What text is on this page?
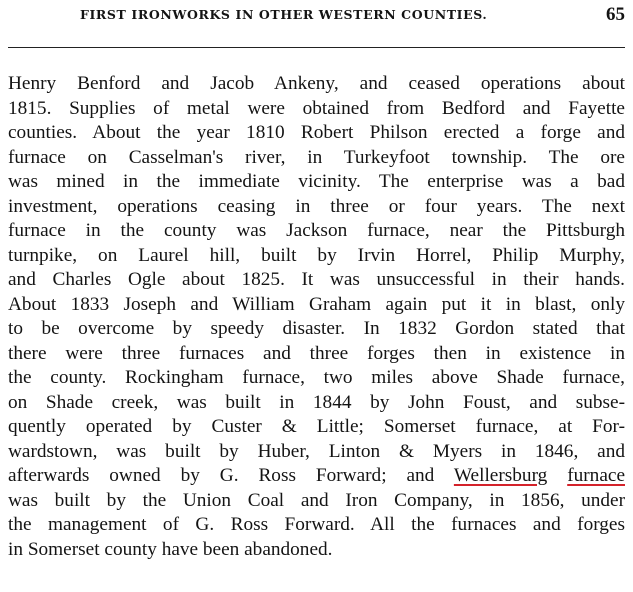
FIRST IRONWORKS IN OTHER WESTERN COUNTIES.	65
Henry Benford and Jacob Ankeny, and ceased operations about
1815. Supplies of metal were obtained from Bedford and Fayette
counties. About the year 1810 Robert Philson erected a forge and
furnace on Casselman's river, in Turkeyfoot township. The ore
was mined in the immediate vicinity. The enterprise was a bad
investment, operations ceasing in three or four years. The next
furnace in the county was Jackson furnace, near the Pittsburgh
turnpike, on Laurel hill, built by Irvin Horrel, Philip Murphy,
and Charles Ogle about 1825. It was unsuccessful in their hands.
About 1833 Joseph and William Graham again put it in blast, only
to be overcome by speedy disaster. In 1832 Gordon stated that
there were three furnaces and three forges then in existence in
the county. Rockingham furnace, two miles above Shade furnace,
on Shade creek, was built in 1844 by John Foust, and subse-
quently operated by Custer & Little; Somerset furnace, at For-
wardstown, was built by Huber, Linton & Myers in 1846, and
afterwards owned by G. Ross Forward; and Wellersburg furnace
was built by the Union Coal and Iron Company, in 1856, under
the management of G. Ross Forward. All the furnaces and forges
in Somerset county have been abandoned.
